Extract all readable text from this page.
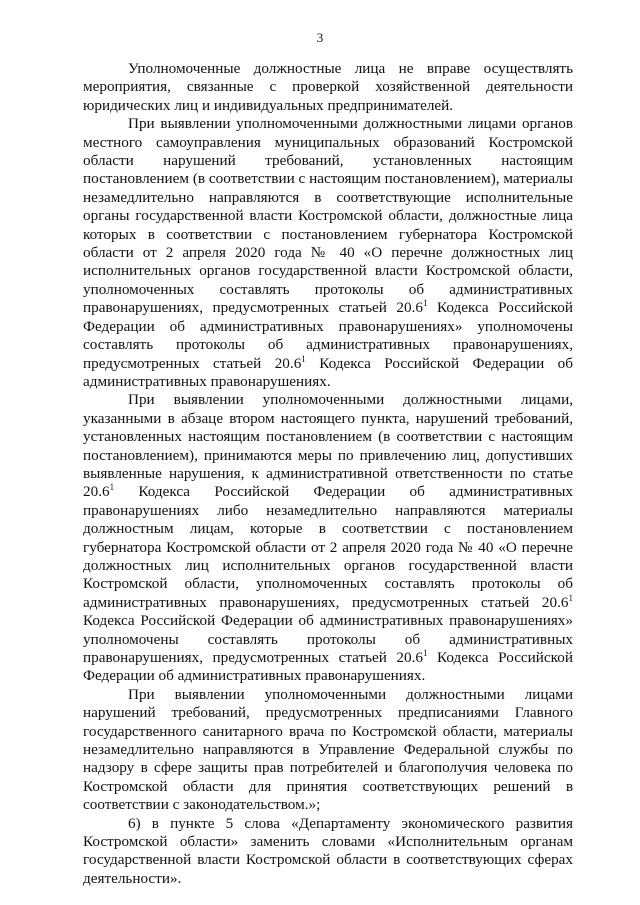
3

Уполномоченные должностные лица не вправе осуществлять мероприятия, связанные с проверкой хозяйственной деятельности юридических лиц и индивидуальных предпринимателей.

При выявлении уполномоченными должностными лицами органов местного самоуправления муниципальных образований Костромской области нарушений требований, установленных настоящим постановлением (в соответствии с настоящим постановлением), материалы незамедлительно направляются в соответствующие исполнительные органы государственной власти Костромской области, должностные лица которых в соответствии с постановлением губернатора Костромской области от 2 апреля 2020 года № 40 «О перечне должностных лиц исполнительных органов государственной власти Костромской области, уполномоченных составлять протоколы об административных правонарушениях, предусмотренных статьей 20.6$^1$ Кодекса Российской Федерации об административных правонарушениях» уполномочены составлять протоколы об административных правонарушениях, предусмотренных статьей 20.6$^1$ Кодекса Российской Федерации об административных правонарушениях.

При выявлении уполномоченными должностными лицами, указанными в абзаце втором настоящего пункта, нарушений требований, установленных настоящим постановлением (в соответствии с настоящим постановлением), принимаются меры по привлечению лиц, допустивших выявленные нарушения, к административной ответственности по статье 20.6$^1$ Кодекса Российской Федерации об административных правонарушениях либо незамедлительно направляются материалы должностным лицам, которые в соответствии с постановлением губернатора Костромской области от 2 апреля 2020 года № 40 «О перечне должностных лиц исполнительных органов государственной власти Костромской области, уполномоченных составлять протоколы об административных правонарушениях, предусмотренных статьей 20.6$^1$ Кодекса Российской Федерации об административных правонарушениях» уполномочены составлять протоколы об административных правонарушениях, предусмотренных статьей 20.6$^1$ Кодекса Российской Федерации об административных правонарушениях.

При выявлении уполномоченными должностными лицами нарушений требований, предусмотренных предписаниями Главного государственного санитарного врача по Костромской области, материалы незамедлительно направляются в Управление Федеральной службы по надзору в сфере защиты прав потребителей и благополучия человека по Костромской области для принятия соответствующих решений в соответствии с законодательством.»;

6) в пункте 5 слова «Департаменту экономического развития Костромской области» заменить словами «Исполнительным органам государственной власти Костромской области в соответствующих сферах деятельности».
